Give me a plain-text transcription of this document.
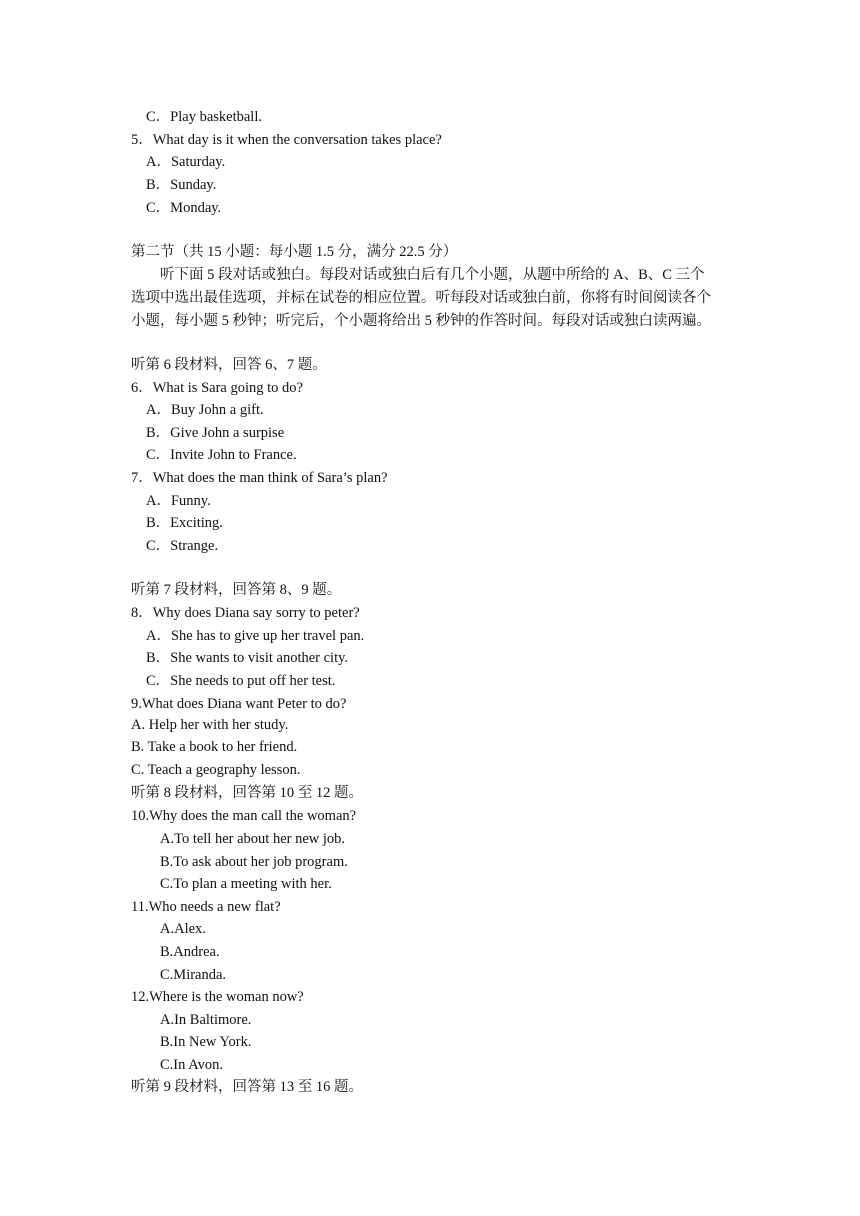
C．Play basketball.
5．What day is it when the conversation takes place?
A．Saturday.
B．Sunday.
C．Monday.
第二节（共 15 小题：每小题 1.5 分，满分 22.5 分）
听下面 5 段对话或独白。每段对话或独白后有几个小题，从题中所给的 A、B、C 三个
选项中选出最佳选项，并标在试卷的相应位置。听每段对话或独白前，你将有时间阅读各个
小题，每小题 5 秒钟；听完后，个小题将给出 5 秒钟的作答时间。每段对话或独白读两遍。
听第 6 段材料，回答 6、7 题。
6．What is Sara going to do?
A．Buy John a gift.
B．Give John a surpise
C．Invite John to France.
7．What does the man think of Sara’s plan?
A．Funny.
B．Exciting.
C．Strange.
听第 7 段材料，回答第 8、9 题。
8．Why does Diana say sorry to peter?
A．She has to give up her travel pan.
B．She wants to visit another city.
C．She needs to put off her test.
9.What does Diana want Peter to do?
A. Help her with her study.
B. Take a book to her friend.
C. Teach a geography lesson.
听第 8 段材料，回答第 10 至 12 题。
10.Why does the man call the woman?
A.To tell her about her new job.
B.To ask about her job program.
C.To plan a meeting with her.
11.Who needs a new flat?
A.Alex.
B.Andrea.
C.Miranda.
12.Where is the woman now?
A.In Baltimore.
B.In New York.
C.In Avon.
听第 9 段材料，回答第 13 至 16 题。
